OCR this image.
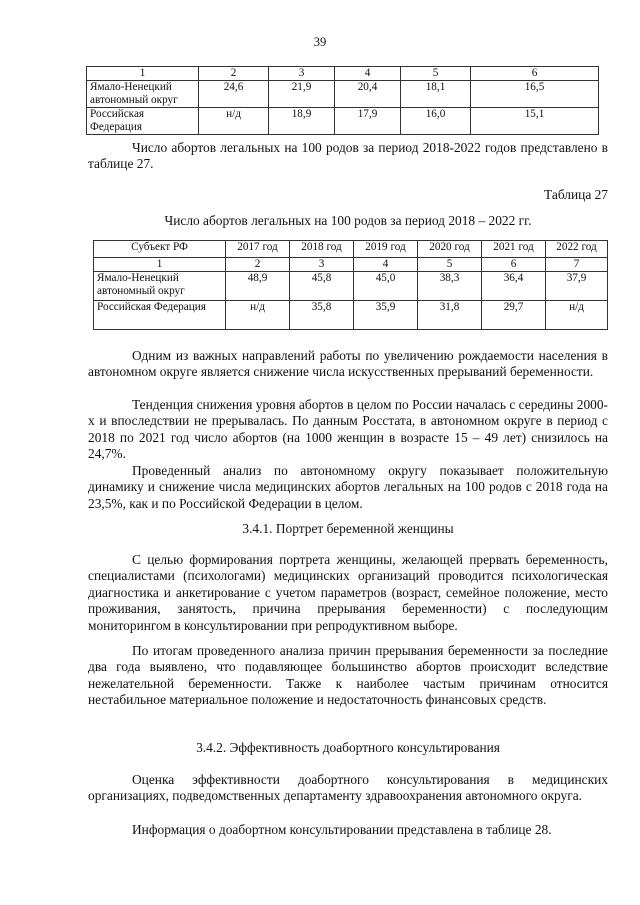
39
1	2	3	4	5	6
Ямало-Ненецкий автономный округ	24,6	21,9	20,4	18,1	16,5
Российская Федерация	н/д	18,9	17,9	16,0	15,1

Число абортов легальных на 100 родов за период 2018-2022 годов представлено в таблице 27.

Таблица 27

Число абортов легальных на 100 родов за период 2018 – 2022 гг.

Субъект РФ	2017 год	2018 год	2019 год	2020 год	2021 год	2022 год
1	2	3	4	5	6	7
Ямало-Ненецкий автономный округ	48,9	45,8	45,0	38,3	36,4	37,9
Российская Федерация	н/д	35,8	35,9	31,8	29,7	н/д

Одним из важных направлений работы по увеличению рождаемости населения в автономном округе является снижение числа искусственных прерываний беременности.

Тенденция снижения уровня абортов в целом по России началась с середины 2000-х и впоследствии не прерывалась. По данным Росстата, в автономном округе в период с 2018 по 2021 год число абортов (на 1000 женщин в возрасте 15 – 49 лет) снизилось на 24,7%.

Проведенный анализ по автономному округу показывает положительную динамику и снижение числа медицинских абортов легальных на 100 родов с 2018 года на 23,5%, как и по Российской Федерации в целом.

3.4.1. Портрет беременной женщины

С целью формирования портрета женщины, желающей прервать беременность, специалистами (психологами) медицинских организаций проводится психологическая диагностика и анкетирование с учетом параметров (возраст, семейное положение, место проживания, занятость, причина прерывания беременности) с последующим мониторингом в консультировании при репродуктивном выборе.

По итогам проведенного анализа причин прерывания беременности за последние два года выявлено, что подавляющее большинство абортов происходит вследствие нежелательной беременности. Также к наиболее частым причинам относится нестабильное материальное положение и недостаточность финансовых средств.

3.4.2. Эффективность доабортного консультирования

Оценка эффективности доабортного консультирования в медицинских организациях, подведомственных департаменту здравоохранения автономного округа.

Информация о доабортном консультировании представлена в таблице 28.
